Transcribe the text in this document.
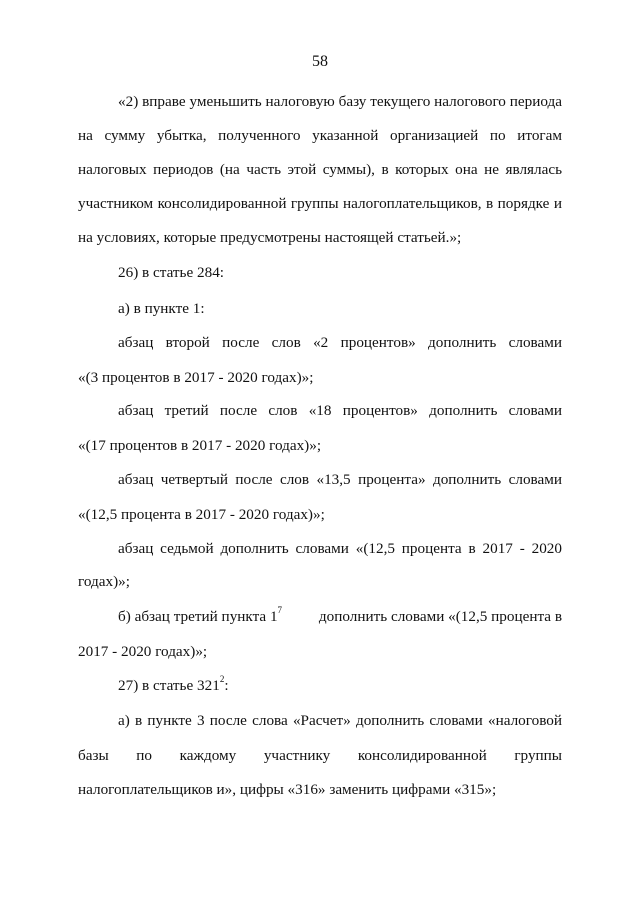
58
«2) вправе уменьшить налоговую базу текущего налогового периода
на сумму убытка, полученного указанной организацией по итогам
налоговых периодов (на часть этой суммы), в которых она не являлась
участником консолидированной группы налогоплательщиков, в порядке и
на условиях, которые предусмотрены настоящей статьей.»;
26) в статье 284:
а) в пункте 1:
абзац второй после слов «2 процентов» дополнить словами
«(3 процентов в 2017 - 2020 годах)»;
абзац третий после слов «18 процентов» дополнить словами
«(17 процентов в 2017 - 2020 годах)»;
абзац четвертый после слов «13,5 процента» дополнить словами
«(12,5 процента в 2017 - 2020 годах)»;
абзац седьмой дополнить словами «(12,5 процента в 2017 - 2020
годах)»;
б) абзац третий пункта $1^7$ дополнить словами «(12,5 процента в
2017 - 2020 годах)»;
27) в статье $321^2$:
а) в пункте 3 после слова «Расчет» дополнить словами «налоговой
базы по каждому участнику консолидированной группы
налогоплательщиков и», цифры «316» заменить цифрами «315»;
